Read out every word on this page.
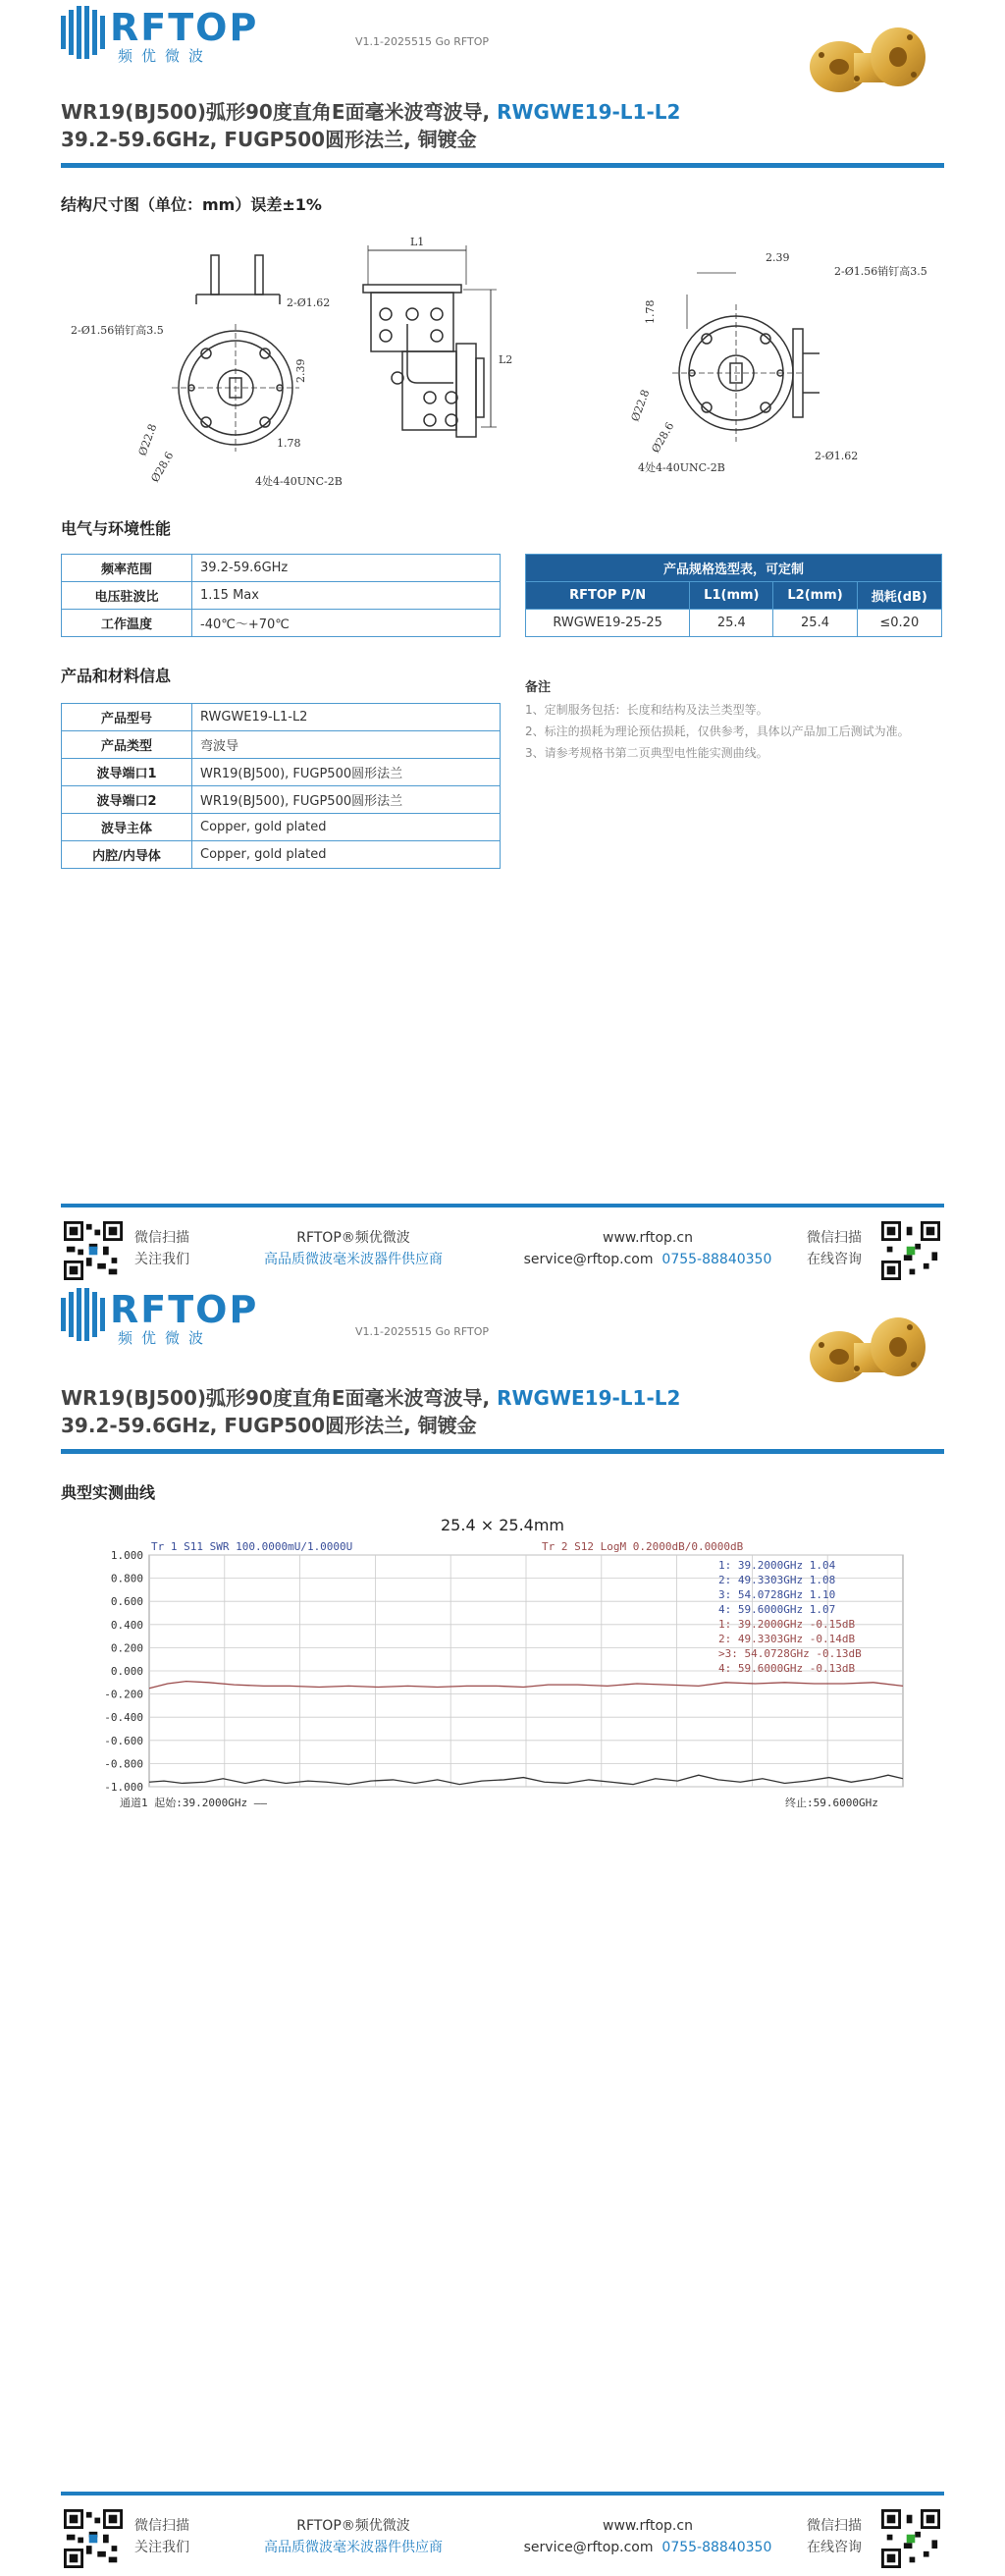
RFTOP
频优微波
V1.1-2025515 Go RFTOP
WR19(BJ500)弧形90度直角E面毫米波弯波导, RWGWE19-L1-L2
39.2-59.6GHz, FUGP500圆形法兰, 铜镀金
结构尺寸图（单位：mm）误差±1%
2-Ø1.56销钉高3.5
2-Ø1.62
2.39
1.78
Ø22.8
Ø28.6	4处4-40UNC-2B
L1
L2
2.39
2-Ø1.56销钉高3.5
1.78
Ø22.8
Ø28.6
4处4-40UNC-2B
2-Ø1.62
电气与环境性能
频率范围	39.2-59.6GHz
电压驻波比	1.15 Max
工作温度	-40℃～+70℃
产品规格选型表，可定制			
RFTOP P/N	L1(mm)	L2(mm)	损耗(dB)
RWGWE19-25-25	25.4	25.4	≤0.20
产品和材料信息
产品型号	RWGWE19-L1-L2
产品类型	弯波导
波导端口1	WR19(BJ500), FUGP500圆形法兰
波导端口2	WR19(BJ500), FUGP500圆形法兰
波导主体	Copper, gold plated
内腔/内导体	Copper, gold plated
备注
1、定制服务包括：长度和结构及法兰类型等。
2、标注的损耗为理论预估损耗，仅供参考，具体以产品加工后测试为准。
3、请参考规格书第二页典型电性能实测曲线。
微信扫描
关注我们
RFTOP®频优微波
高品质微波毫米波器件供应商
www.rftop.cn
service@rftop.com 0755-88840350
微信扫描
在线咨询
RFTOP
频优微波	V1.1-2025515 Go RFTOP
WR19(BJ500)弧形90度直角E面毫米波弯波导, RWGWE19-L1-L2
39.2-59.6GHz, FUGP500圆形法兰, 铜镀金
典型实测曲线
25.4 × 25.4mm
1.000
0.800
0.600
0.400
0.200
0.000
-0.200
-0.400
-0.600
-0.800
-1.000
Tr 1 S11 SWR 100.0000mU/1.0000U	Tr 2 S12 LogM 0.2000dB/0.0000dB
1: 39.2000GHz 1.04
2: 49.3303GHz 1.08
3: 54.0728GHz 1.10
4: 59.6000GHz 1.07
1: 39.2000GHz -0.15dB
2: 49.3303GHz -0.14dB
>3: 54.0728GHz -0.13dB
4: 59.6000GHz -0.13dB
通道1 起始:39.2000GHz ——	终止:59.6000GHz
微信扫描
关注我们
RFTOP®频优微波
高品质微波毫米波器件供应商
www.rftop.cn
service@rftop.com 0755-88840350
微信扫描
在线咨询
